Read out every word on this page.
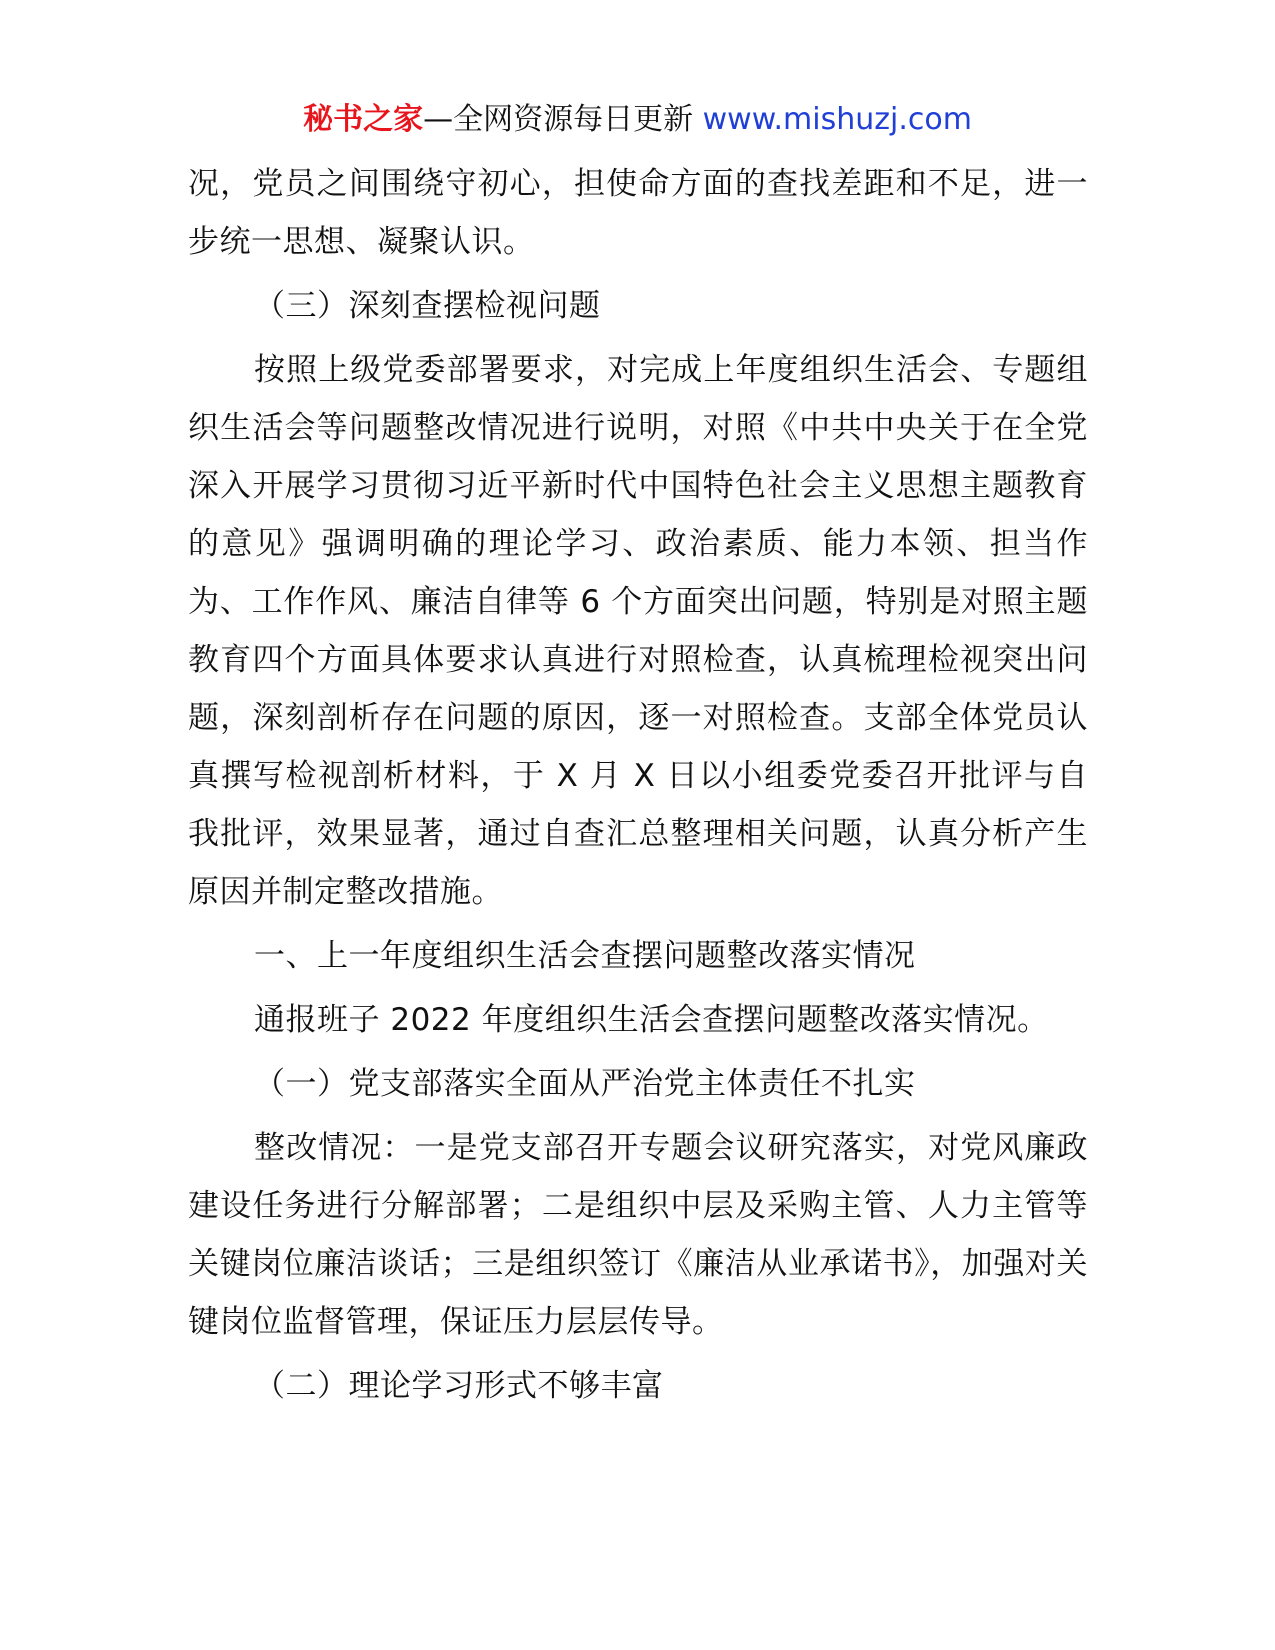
秘书之家—全网资源每日更新 www.mishuzj.com

况，党员之间围绕守初心，担使命方面的查找差距和不足，进一步统一思想、凝聚认识。

（三）深刻查摆检视问题

按照上级党委部署要求，对完成上年度组织生活会、专题组织生活会等问题整改情况进行说明，对照《中共中央关于在全党深入开展学习贯彻习近平新时代中国特色社会主义思想主题教育的意见》强调明确的理论学习、政治素质、能力本领、担当作为、工作作风、廉洁自律等 6 个方面突出问题，特别是对照主题教育四个方面具体要求认真进行对照检查，认真梳理检视突出问题，深刻剖析存在问题的原因，逐一对照检查。支部全体党员认真撰写检视剖析材料，于 X 月 X 日以小组委党委召开批评与自我批评，效果显著，通过自查汇总整理相关问题，认真分析产生原因并制定整改措施。

一、上一年度组织生活会查摆问题整改落实情况

通报班子 2022 年度组织生活会查摆问题整改落实情况。

（一）党支部落实全面从严治党主体责任不扎实

整改情况：一是党支部召开专题会议研究落实，对党风廉政建设任务进行分解部署；二是组织中层及采购主管、人力主管等关键岗位廉洁谈话；三是组织签订《廉洁从业承诺书》，加强对关键岗位监督管理，保证压力层层传导。

（二）理论学习形式不够丰富
